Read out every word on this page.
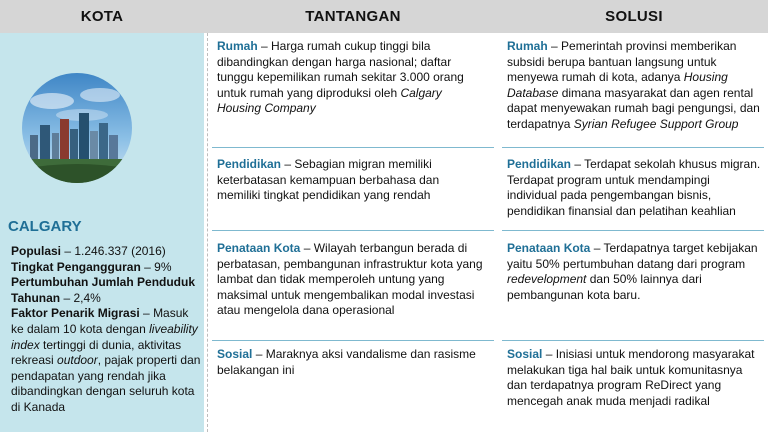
KOTA	TANTANGAN	SOLUSI
CALGARY
Populasi – 1.246.337 (2016)
Tingkat Pengangguran – 9%
Pertumbuhan Jumlah Penduduk Tahunan – 2,4%
Faktor Penarik Migrasi – Masuk ke dalam 10 kota dengan liveability index tertinggi di dunia, aktivitas rekreasi outdoor, pajak properti dan pendapatan yang rendah jika dibandingkan dengan seluruh kota di Kanada
Rumah – Harga rumah cukup tinggi bila dibandingkan dengan harga nasional; daftar tunggu kepemilikan rumah sekitar 3.000 orang untuk rumah yang diproduksi oleh Calgary Housing Company
Rumah – Pemerintah provinsi memberikan subsidi berupa bantuan langsung untuk menyewa rumah di kota, adanya Housing Database dimana masyarakat dan agen rental dapat menyewakan rumah bagi pengungsi, dan terdapatnya Syrian Refugee Support Group
Pendidikan – Sebagian migran memiliki keterbatasan kemampuan berbahasa dan memiliki tingkat pendidikan yang rendah
Pendidikan – Terdapat sekolah khusus migran. Terdapat program untuk mendampingi individual pada pengembangan bisnis, pendidikan finansial dan pelatihan keahlian
Penataan Kota – Wilayah terbangun berada di perbatasan, pembangunan infrastruktur kota yang lambat dan tidak memperoleh untung yang maksimal untuk mengembalikan modal investasi atau mengelola dana operasional
Penataan Kota – Terdapatnya target kebijakan yaitu 50% pertumbuhan datang dari program redevelopment dan 50% lainnya dari pembangunan kota baru.
Sosial – Maraknya aksi vandalisme dan rasisme belakangan ini
Sosial – Inisiasi untuk mendorong masyarakat melakukan tiga hal baik untuk komunitasnya dan terdapatnya program ReDirect yang mencegah anak muda menjadi radikal
